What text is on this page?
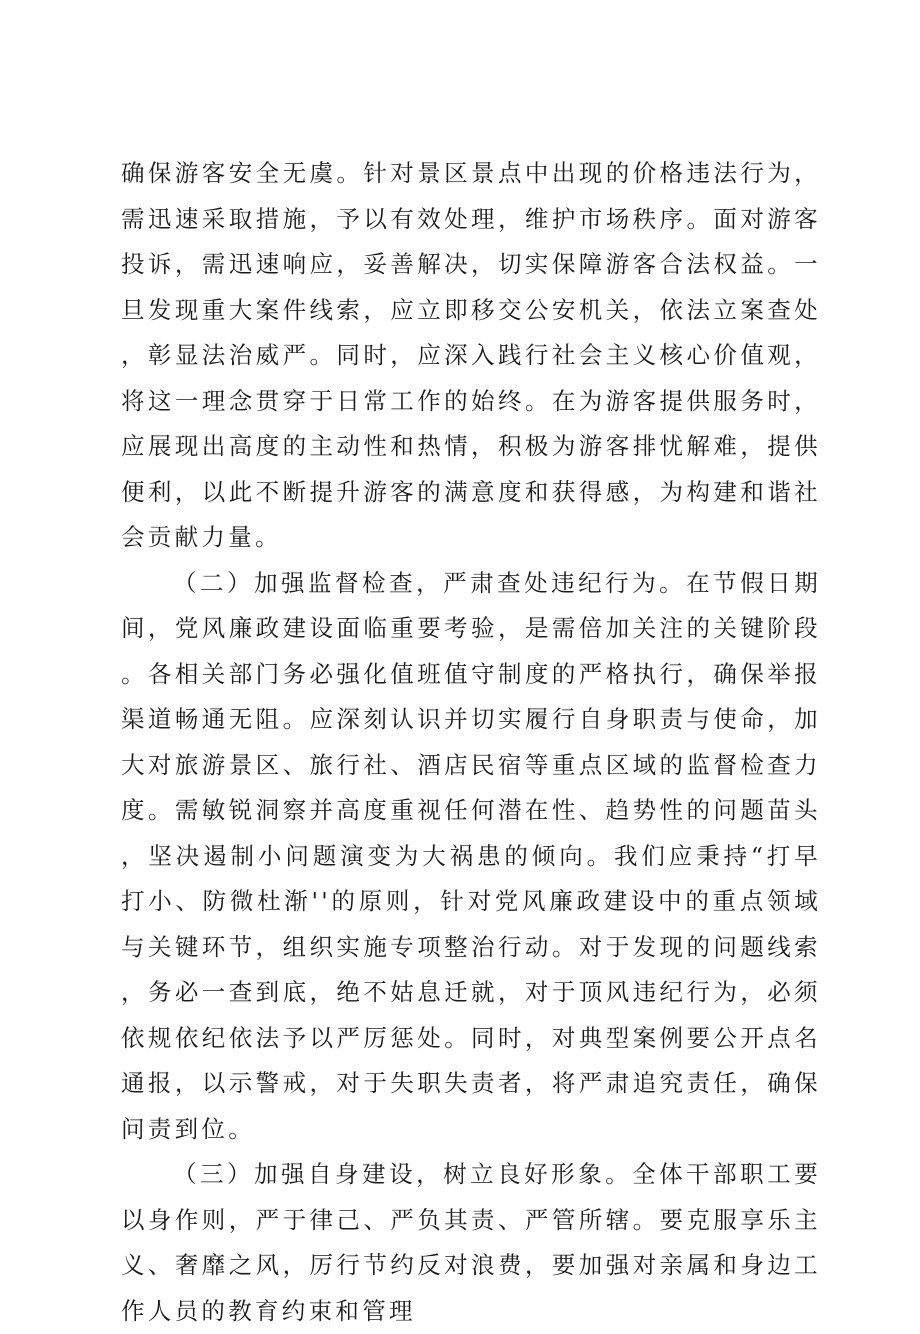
确保游客安全无虞。针对景区景点中出现的价格违法行为，需迅速采取措施，予以有效处理，维护市场秩序。面对游客投诉，需迅速响应，妥善解决，切实保障游客合法权益。一旦发现重大案件线索，应立即移交公安机关，依法立案查处，彰显法治威严。同时，应深入践行社会主义核心价值观，将这一理念贯穿于日常工作的始终。在为游客提供服务时，应展现出高度的主动性和热情，积极为游客排忧解难，提供便利，以此不断提升游客的满意度和获得感，为构建和谐社会贡献力量。

（二）加强监督检查，严肃查处违纪行为。在节假日期间，党风廉政建设面临重要考验，是需倍加关注的关键阶段。各相关部门务必强化值班值守制度的严格执行，确保举报渠道畅通无阻。应深刻认识并切实履行自身职责与使命，加大对旅游景区、旅行社、酒店民宿等重点区域的监督检查力度。需敏锐洞察并高度重视任何潜在性、趋势性的问题苗头，坚决遏制小问题演变为大祸患的倾向。我们应秉持“打早打小、防微杜渐''的原则，针对党风廉政建设中的重点领域与关键环节，组织实施专项整治行动。对于发现的问题线索，务必一查到底，绝不姑息迁就，对于顶风违纪行为，必须依规依纪依法予以严厉惩处。同时，对典型案例要公开点名通报，以示警戒，对于失职失责者，将严肃追究责任，确保问责到位。

（三）加强自身建设，树立良好形象。全体干部职工要以身作则，严于律己、严负其责、严管所辖。要克服享乐主义、奢靡之风，厉行节约反对浪费，要加强对亲属和身边工作人员的教育约束和管理
